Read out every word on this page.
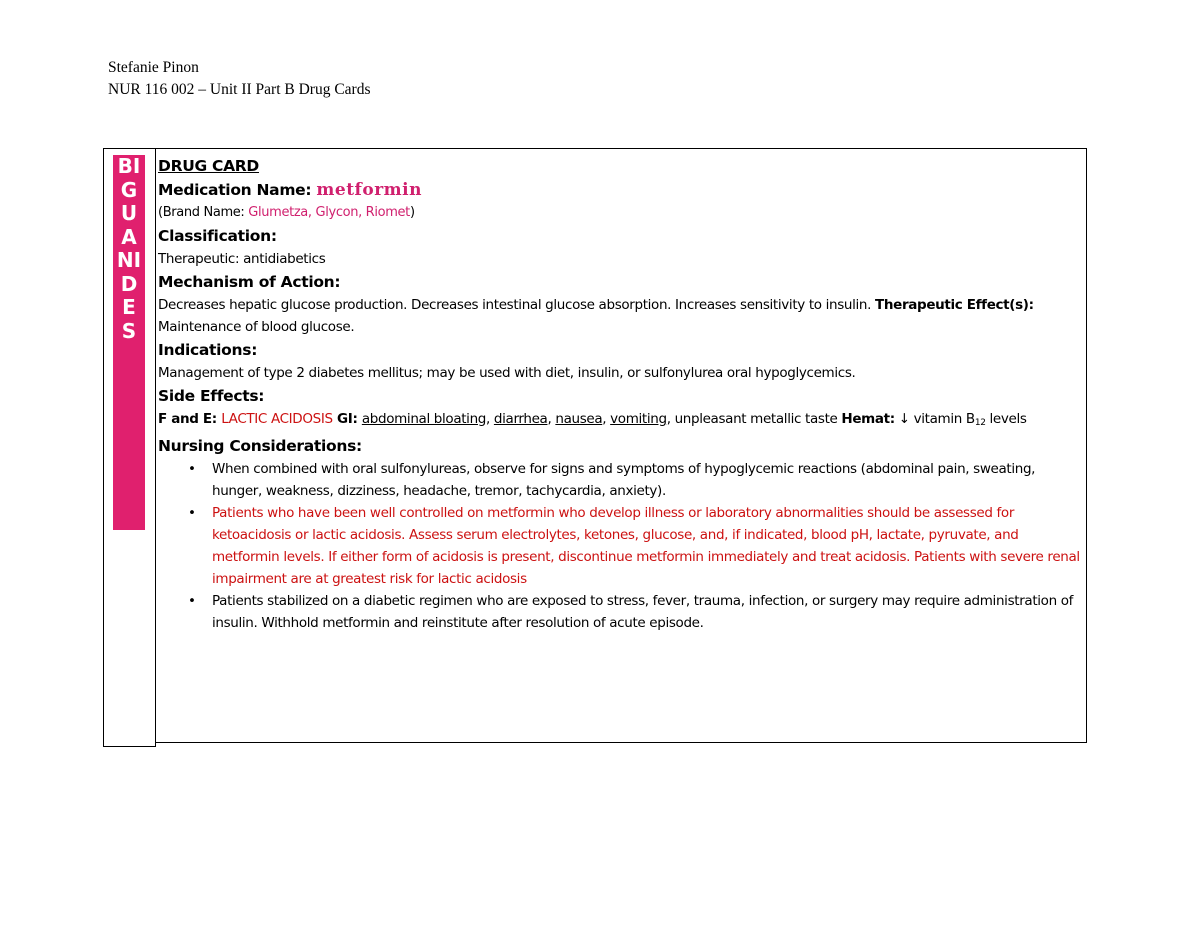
Stefanie Pinon
NUR 116 002 – Unit II Part B Drug Cards
BI
G
U
A
NI
D
E
S
DRUG CARD
Medication Name: metformin
(Brand Name: Glumetza, Glycon, Riomet)
Classification:
Therapeutic: antidiabetics
Mechanism of Action:
Decreases hepatic glucose production. Decreases intestinal glucose absorption. Increases sensitivity to insulin. Therapeutic Effect(s): Maintenance of blood glucose.
Indications:
Management of type 2 diabetes mellitus; may be used with diet, insulin, or sulfonylurea oral hypoglycemics.
Side Effects:
F and E: LACTIC ACIDOSIS GI: abdominal bloating, diarrhea, nausea, vomiting, unpleasant metallic taste Hemat: ↓ vitamin $B_{12}$ levels
Nursing Considerations:
• When combined with oral sulfonylureas, observe for signs and symptoms of hypoglycemic reactions (abdominal pain, sweating, hunger, weakness, dizziness, headache, tremor, tachycardia, anxiety).
• Patients who have been well controlled on metformin who develop illness or laboratory abnormalities should be assessed for ketoacidosis or lactic acidosis. Assess serum electrolytes, ketones, glucose, and, if indicated, blood pH, lactate, pyruvate, and metformin levels. If either form of acidosis is present, discontinue metformin immediately and treat acidosis. Patients with severe renal impairment are at greatest risk for lactic acidosis
• Patients stabilized on a diabetic regimen who are exposed to stress, fever, trauma, infection, or surgery may require administration of insulin. Withhold metformin and reinstitute after resolution of acute episode.
